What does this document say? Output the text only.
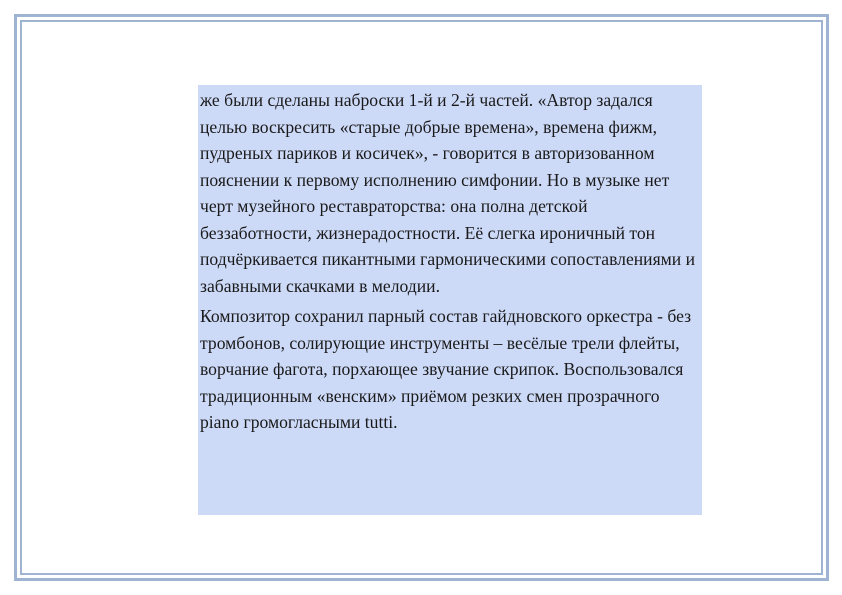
же были сделаны наброски 1-й и 2-й частей. «Автор задался целью воскресить «старые добрые времена», времена фижм, пудреных париков и косичек», - говорится в авторизованном пояснении к первому исполнению симфонии. Но в музыке нет черт музейного реставраторства: она полна детской беззаботности, жизнерадостности. Её слегка ироничный тон подчёркивается пикантными гармоническими сопоставлениями и забавными скачками в мелодии.

Композитор сохранил парный состав гайдновского оркестра - без тромбонов, солирующие инструменты – весёлые трели флейты, ворчание фагота, порхающее звучание скрипок. Воспользовался традиционным «венским» приёмом резких смен прозрачного piano громогласными tutti.
